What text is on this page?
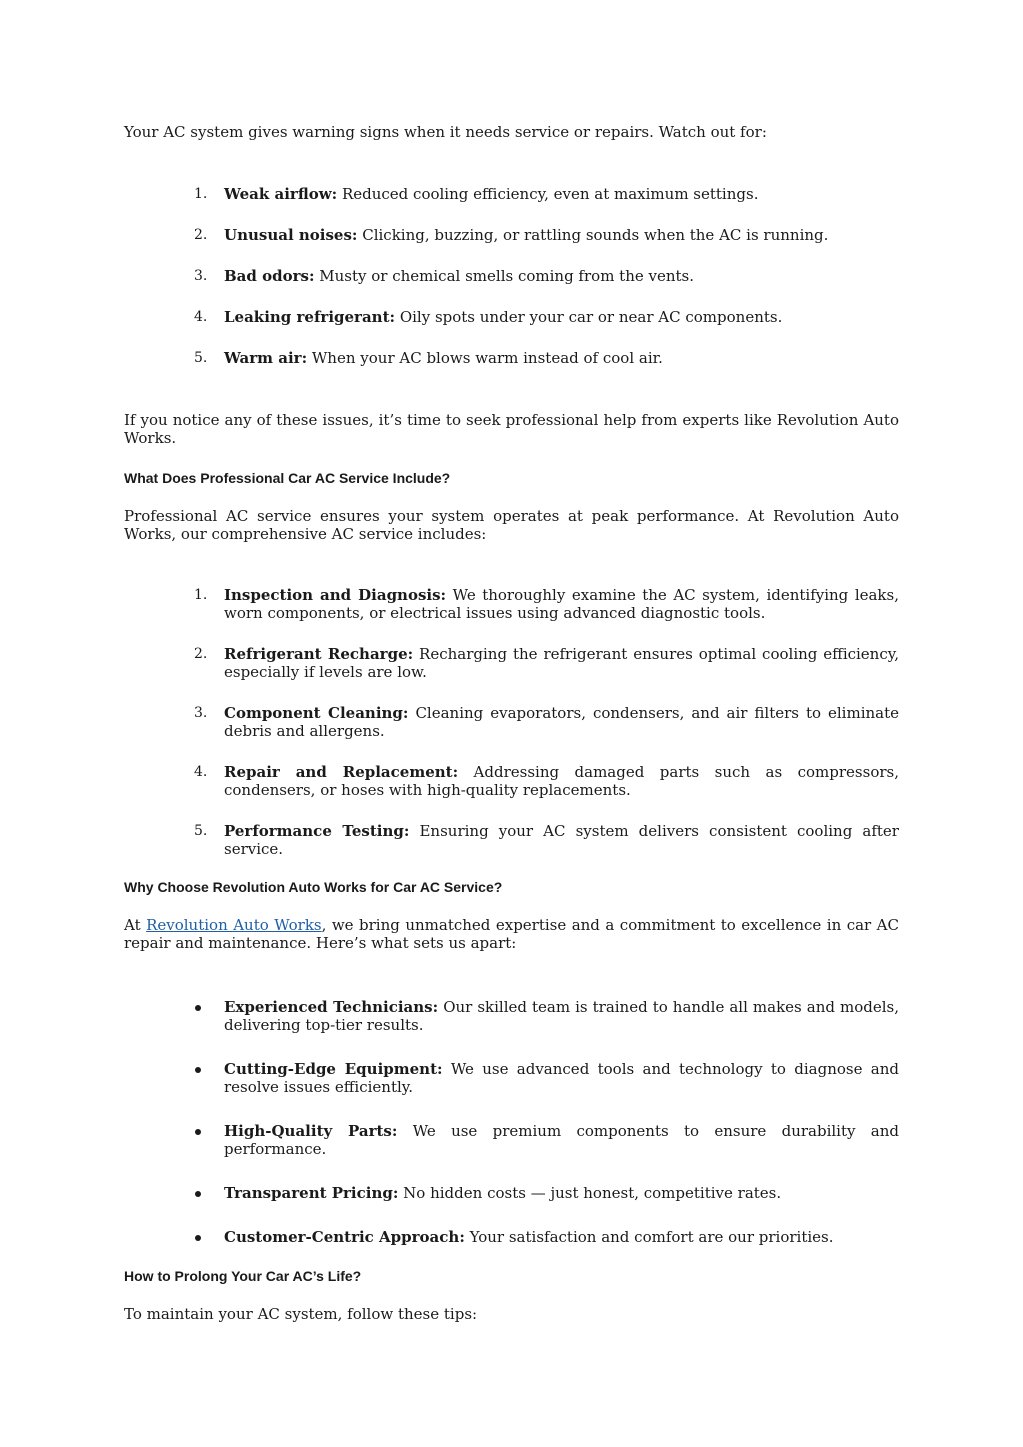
Your AC system gives warning signs when it needs service or repairs. Watch out for:

1. Weak airflow: Reduced cooling efficiency, even at maximum settings.
2. Unusual noises: Clicking, buzzing, or rattling sounds when the AC is running.
3. Bad odors: Musty or chemical smells coming from the vents.
4. Leaking refrigerant: Oily spots under your car or near AC components.
5. Warm air: When your AC blows warm instead of cool air.

If you notice any of these issues, it’s time to seek professional help from experts like Revolution Auto Works.

What Does Professional Car AC Service Include?

Professional AC service ensures your system operates at peak performance. At Revolution Auto Works, our comprehensive AC service includes:

1. Inspection and Diagnosis: We thoroughly examine the AC system, identifying leaks, worn components, or electrical issues using advanced diagnostic tools.
2. Refrigerant Recharge: Recharging the refrigerant ensures optimal cooling efficiency, especially if levels are low.
3. Component Cleaning: Cleaning evaporators, condensers, and air filters to eliminate debris and allergens.
4. Repair and Replacement: Addressing damaged parts such as compressors, condensers, or hoses with high-quality replacements.
5. Performance Testing: Ensuring your AC system delivers consistent cooling after service.
Why Choose Revolution Auto Works for Car AC Service?

At Revolution Auto Works, we bring unmatched expertise and a commitment to excellence in car AC repair and maintenance. Here’s what sets us apart:

Experienced Technicians: Our skilled team is trained to handle all makes and models, delivering top-tier results.
Cutting-Edge Equipment: We use advanced tools and technology to diagnose and resolve issues efficiently.
High-Quality Parts: We use premium components to ensure durability and performance.
Transparent Pricing: No hidden costs — just honest, competitive rates.
Customer-Centric Approach: Your satisfaction and comfort are our priorities.
How to Prolong Your Car AC’s Life?

To maintain your AC system, follow these tips:
